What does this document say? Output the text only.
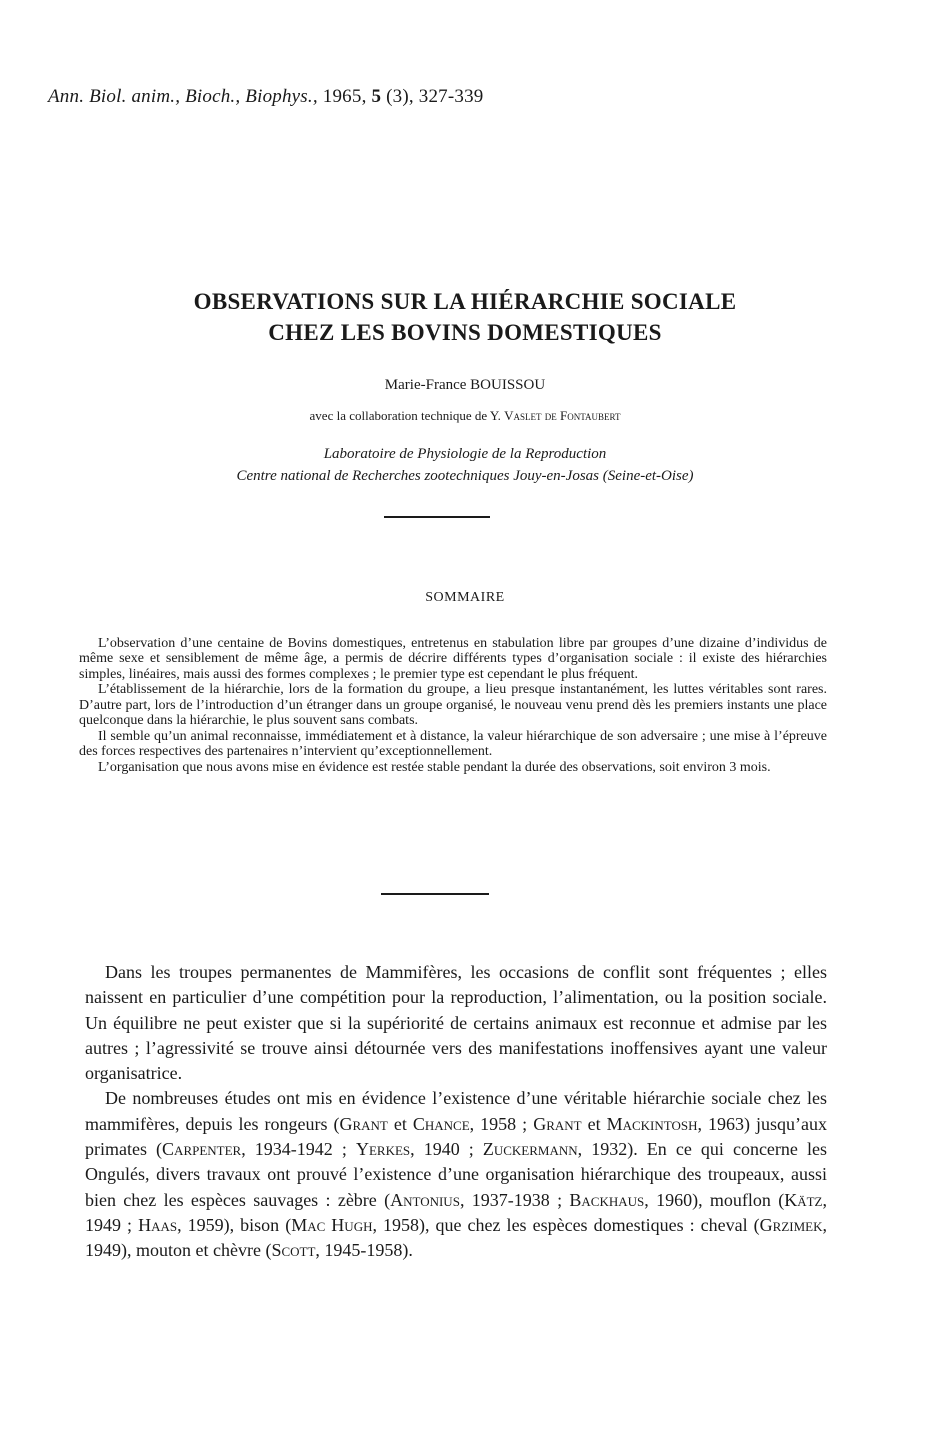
Ann. Biol. anim., Bioch., Biophys., 1965, 5 (3), 327-339
OBSERVATIONS SUR LA HIÉRARCHIE SOCIALE
CHEZ LES BOVINS DOMESTIQUES
Marie-France BOUISSOU
avec la collaboration technique de Y. Vaslet de Fontaubert
Laboratoire de Physiologie de la Reproduction
Centre national de Recherches zootechniques Jouy-en-Josas (Seine-et-Oise)
SOMMAIRE

L’observation d’une centaine de Bovins domestiques, entretenus en stabulation libre par groupes d’une dizaine d’individus de même sexe et sensiblement de même âge, a permis de décrire différents types d’organisation sociale : il existe des hiérarchies simples, linéaires, mais aussi des formes complexes ; le premier type est cependant le plus fréquent.

L’établissement de la hiérarchie, lors de la formation du groupe, a lieu presque instantanément, les luttes véritables sont rares. D’autre part, lors de l’introduction d’un étranger dans un groupe organisé, le nouveau venu prend dès les premiers instants une place quelconque dans la hiérarchie, le plus souvent sans combats.

Il semble qu’un animal reconnaisse, immédiatement et à distance, la valeur hiérarchique de son adversaire ; une mise à l’épreuve des forces respectives des partenaires n’intervient qu’exceptionnellement.

L’organisation que nous avons mise en évidence est restée stable pendant la durée des observations, soit environ 3 mois.

Dans les troupes permanentes de Mammifères, les occasions de conflit sont fréquentes ; elles naissent en particulier d’une compétition pour la reproduction, l’alimentation, ou la position sociale. Un équilibre ne peut exister que si la supériorité de certains animaux est reconnue et admise par les autres ; l’agressivité se trouve ainsi détournée vers des manifestations inoffensives ayant une valeur organisatrice.

De nombreuses études ont mis en évidence l’existence d’une véritable hiérarchie sociale chez les mammifères, depuis les rongeurs (Grant et Chance, 1958 ; Grant et Mackintosh, 1963) jusqu’aux primates (Carpenter, 1934-1942 ; Yerkes, 1940 ; Zuckermann, 1932). En ce qui concerne les Ongulés, divers travaux ont prouvé l’existence d’une organisation hiérarchique des troupeaux, aussi bien chez les espèces sauvages : zèbre (Antonius, 1937-1938 ; Backhaus, 1960), mouflon (Kätz, 1949 ; Haas, 1959), bison (Mac Hugh, 1958), que chez les espèces domestiques : cheval (Grzimek, 1949), mouton et chèvre (Scott, 1945-1958).
